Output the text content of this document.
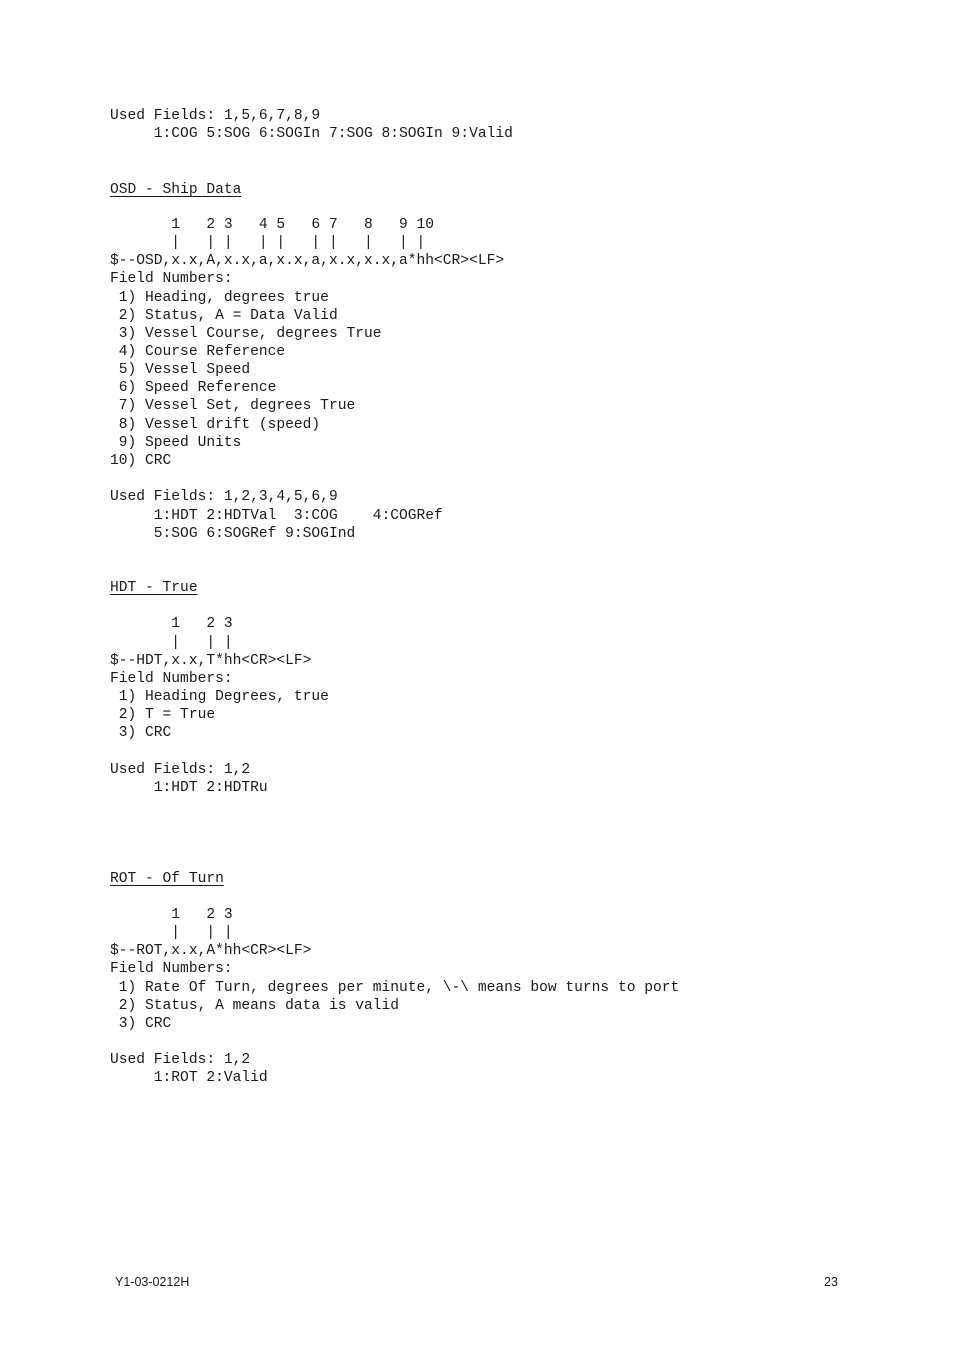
Used Fields: 1,5,6,7,8,9
1:COG 5:SOG 6:SOGIn 7:SOG 8:SOGIn 9:Valid
OSD - Ship Data
1   2 3   4 5   6 7   8   9 10
|   | |   | |   | |   |   | |
$--OSD,x.x,A,x.x,a,x.x,a,x.x,x.x,a*hh<CR><LF>
Field Numbers:
1) Heading, degrees true
2) Status, A = Data Valid
3) Vessel Course, degrees True
4) Course Reference
5) Vessel Speed
6) Speed Reference
7) Vessel Set, degrees True
8) Vessel drift (speed)
9) Speed Units
10) CRC
Used Fields: 1,2,3,4,5,6,9
1:HDT 2:HDTVal  3:COG    4:COGRef
5:SOG 6:SOGRef 9:SOGInd
HDT - True
1   2 3
|   | |
$--HDT,x.x,T*hh<CR><LF>
Field Numbers:
1) Heading Degrees, true
2) T = True
3) CRC
Used Fields: 1,2
1:HDT 2:HDTRu
ROT - Of Turn
1   2 3
|   | |
$--ROT,x.x,A*hh<CR><LF>
Field Numbers:
1) Rate Of Turn, degrees per minute, \-\ means bow turns to port
2) Status, A means data is valid
3) CRC
Used Fields: 1,2
1:ROT 2:Valid
Y1-03-0212H	23
